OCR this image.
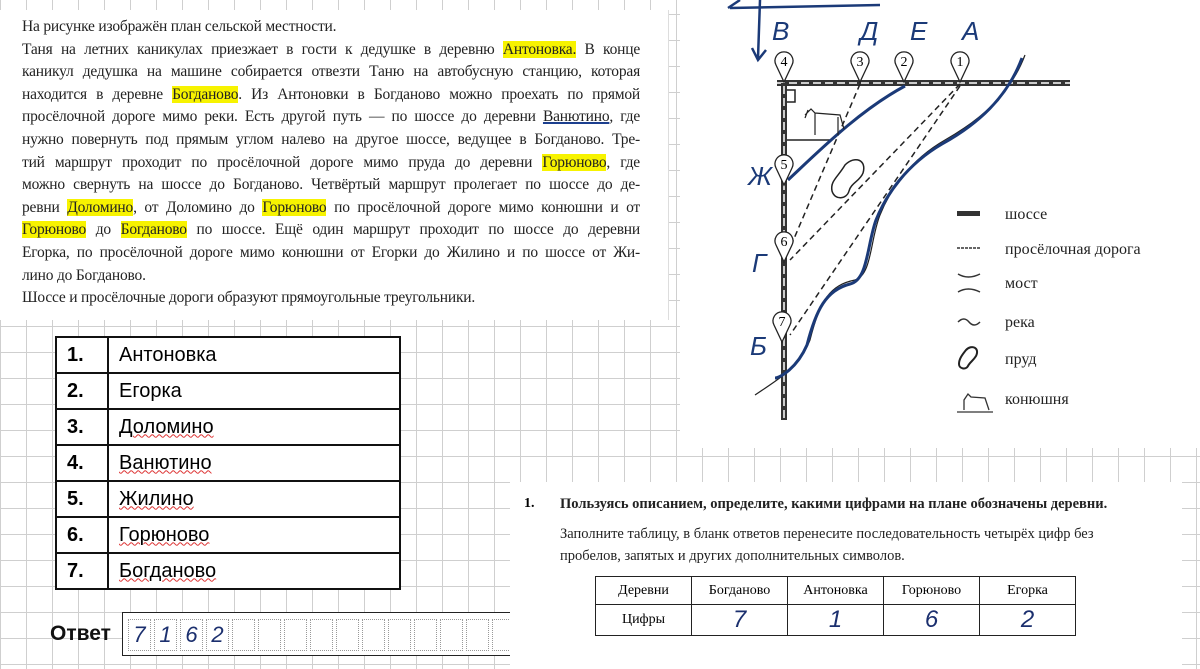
На рисунке изображён план сельской местности.
Таня на летних каникулах приезжает в гости к дедушке в деревню Антоновка. В конце
каникул дедушка на машине собирается отвезти Таню на автобусную станцию, которая
находится в деревне Богданово. Из Антоновки в Богданово можно проехать по прямой
просёлочной дороге мимо реки. Есть другой путь — по шоссе до деревни Ванютино, где
нужно повернуть под прямым углом налево на другое шоссе, ведущее в Богданово. Тре-
тий маршрут проходит по просёлочной дороге мимо пруда до деревни Горюново, где
можно свернуть на шоссе до Богданово. Четвёртый маршрут пролегает по шоссе до де-
ревни Доломино, от Доломино до Горюново по просёлочной дороге мимо конюшни и от
Горюново до Богданово по шоссе. Ещё один маршрут проходит по шоссе до деревни
Егорка, по просёлочной дороге мимо конюшни от Егорки до Жилино и по шоссе от Жи-
лино до Богданово.
Шоссе и просёлочные дороги образуют прямоугольные треугольники.
1.	Антоновка
2.	Егорка
3.	Доломино
4.	Ванютино
5.	Жилино
6.	Горюново
7.	Богданово
Ответ 7 1 6 2
1
2
3
4
5
6
7
В	Д Е А
Ж
Г
Б
шоссе
просёлочная дорога
мост
река
пруд
конюшня
1. Пользуясь описанием, определите, какими цифрами на плане обозначены деревни.
Заполните таблицу, в бланк ответов перенесите последовательность четырёх цифр без
пробелов, запятых и других дополнительных символов.
Деревни	Богданово	Антоновка	Горюново	Егорка
Цифры	7	1	6	2
